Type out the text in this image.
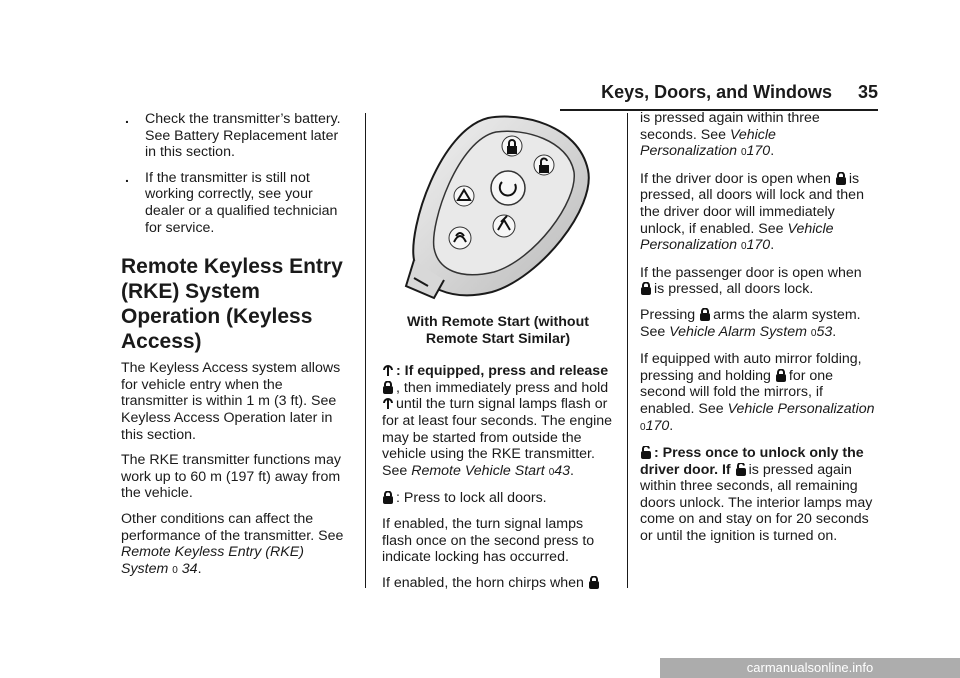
Keys, Doors, and Windows 35
. Check the transmitter’s battery. See Battery Replacement later in this section.
. If the transmitter is still not working correctly, see your dealer or a qualified technician for service.
Remote Keyless Entry (RKE) System Operation (Keyless Access)

The Keyless Access system allows for vehicle entry when the transmitter is within 1 m (3 ft). See Keyless Access Operation later in this section.

The RKE transmitter functions may work up to 60 m (197 ft) away from the vehicle.

Other conditions can affect the performance of the transmitter. See Remote Keyless Entry (RKE) System 0 34.

With Remote Start (without Remote Start Similar)

: If equipped, press and release
, then immediately press and hold
until the turn signal lamps flash or for at least four seconds. The engine may be started from outside the vehicle using the RKE transmitter. See Remote Vehicle Start 043.

: Press to lock all doors.

If enabled, the turn signal lamps flash once on the second press to indicate locking has occurred.

If enabled, the horn chirps when

is pressed again within three seconds. See Vehicle Personalization 0170.

If the driver door is open when is pressed, all doors will lock and then the driver door will immediately unlock, if enabled. See Vehicle Personalization 0170.

If the passenger door is open when is pressed, all doors lock.

Pressing arms the alarm system. See Vehicle Alarm System 053.

If equipped with auto mirror folding, pressing and holding for one second will fold the mirrors, if enabled. See Vehicle Personalization 0170.

: Press once to unlock only the driver door. If is pressed again within three seconds, all remaining doors unlock. The interior lamps may come on and stay on for 20 seconds or until the ignition is turned on.

carmanualsonline.info
